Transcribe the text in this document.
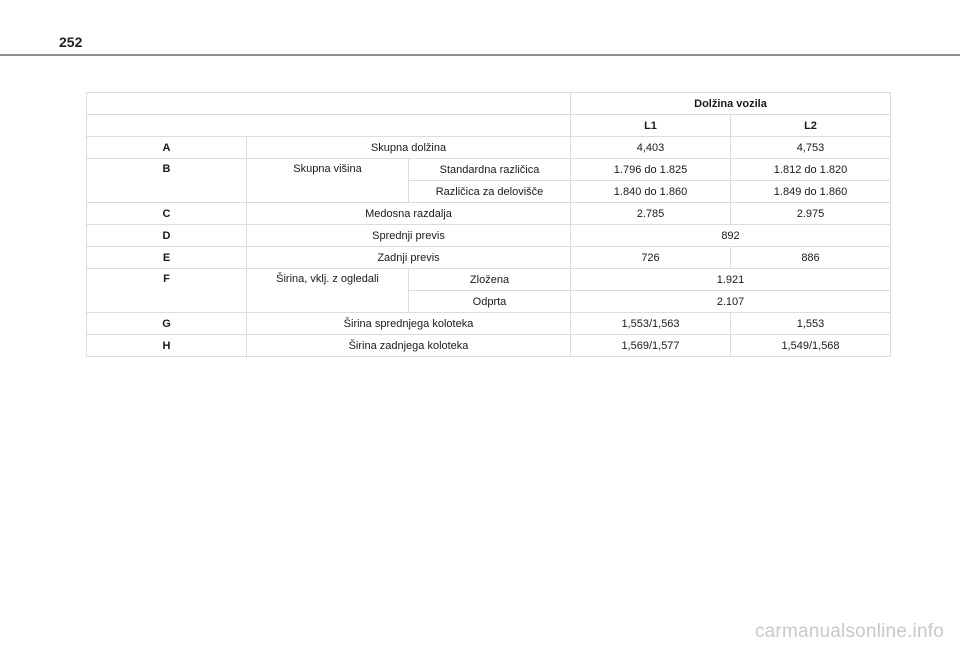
252
			Dolžina vozila	
			L1	L2
A	Skupna dolžina		4,403	4,753
B	Skupna višina	Standardna različica	1.796 do 1.825	1.812 do 1.820
		Različica za delovišče	1.840 do 1.860	1.849 do 1.860
C	Medosna razdalja		2.785	2.975
D	Sprednji previs		892	
E	Zadnji previs		726	886
F	Širina, vklj. z ogledali	Zložena	1.921	
		Odprta	2.107	
G	Širina sprednjega koloteka		1,553/1,563	1,553
H	Širina zadnjega koloteka		1,569/1,577	1,549/1,568
carmanualsonline.info
